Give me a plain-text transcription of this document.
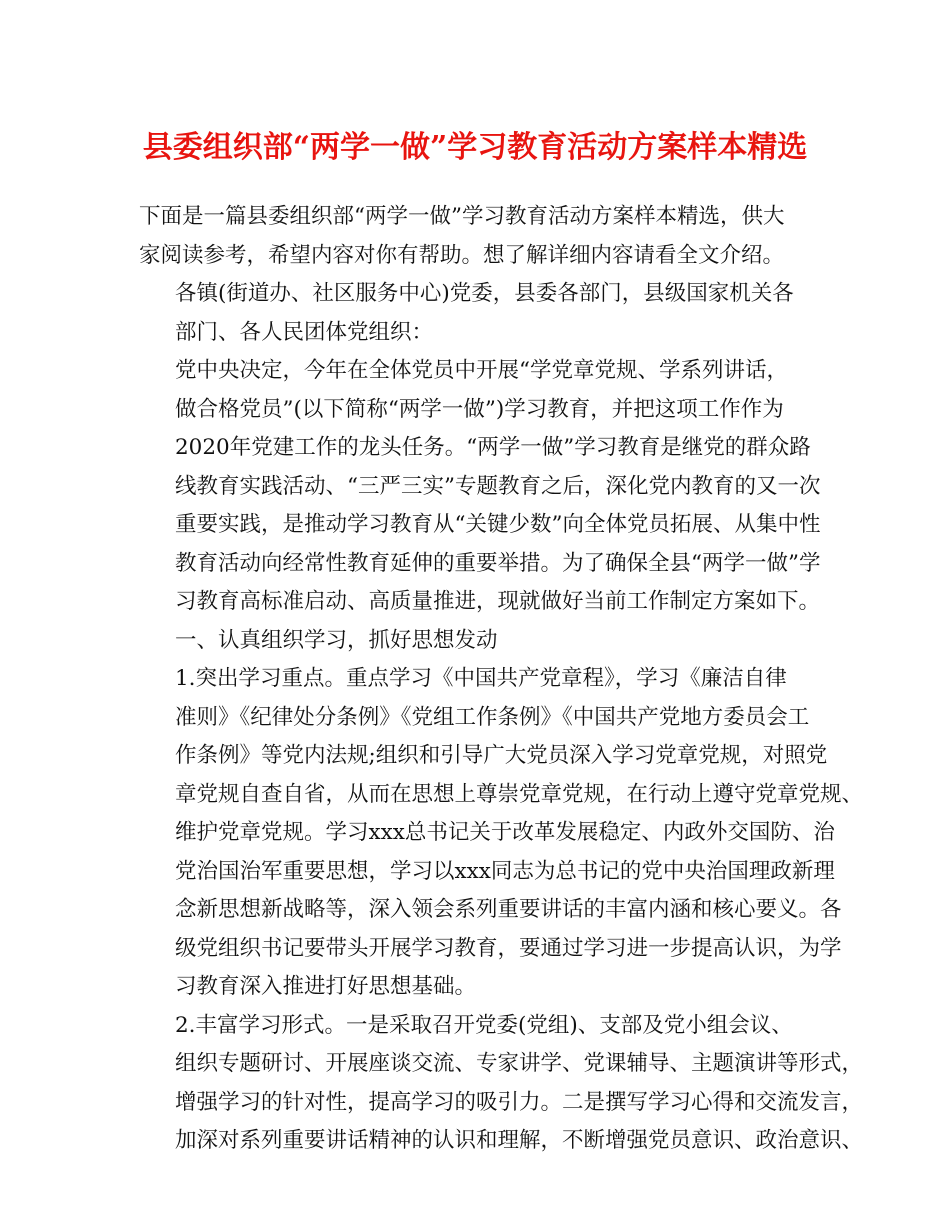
县委组织部“两学一做”学习教育活动方案样本精选

下面是一篇县委组织部“两学一做”学习教育活动方案样本精选，供大
家阅读参考，希望内容对你有帮助。想了解详细内容请看全文介绍。

各镇(街道办、社区服务中心)党委，县委各部门，县级国家机关各
部门、各人民团体党组织：

党中央决定，今年在全体党员中开展“学党章党规、学系列讲话，
做合格党员”(以下简称“两学一做”)学习教育，并把这项工作作为
2020年党建工作的龙头任务。“两学一做”学习教育是继党的群众路
线教育实践活动、“三严三实”专题教育之后，深化党内教育的又一次
重要实践，是推动学习教育从“关键少数”向全体党员拓展、从集中性
教育活动向经常性教育延伸的重要举措。为了确保全县“两学一做”学
习教育高标准启动、高质量推进，现就做好当前工作制定方案如下。

一、认真组织学习，抓好思想发动

1.突出学习重点。重点学习《中国共产党章程》，学习《廉洁自律
准则》《纪律处分条例》《党组工作条例》《中国共产党地方委员会工
作条例》等党内法规;组织和引导广大党员深入学习党章党规，对照党
章党规自查自省，从而在思想上尊崇党章党规，在行动上遵守党章党规、
维护党章党规。学习xxx总书记关于改革发展稳定、内政外交国防、治
党治国治军重要思想，学习以xxx同志为总书记的党中央治国理政新理
念新思想新战略等，深入领会系列重要讲话的丰富内涵和核心要义。各
级党组织书记要带头开展学习教育，要通过学习进一步提高认识，为学
习教育深入推进打好思想基础。

2.丰富学习形式。一是采取召开党委(党组)、支部及党小组会议、
组织专题研讨、开展座谈交流、专家讲学、党课辅导、主题演讲等形式，
增强学习的针对性，提高学习的吸引力。二是撰写学习心得和交流发言，
加深对系列重要讲话精神的认识和理解，不断增强党员意识、政治意识、
